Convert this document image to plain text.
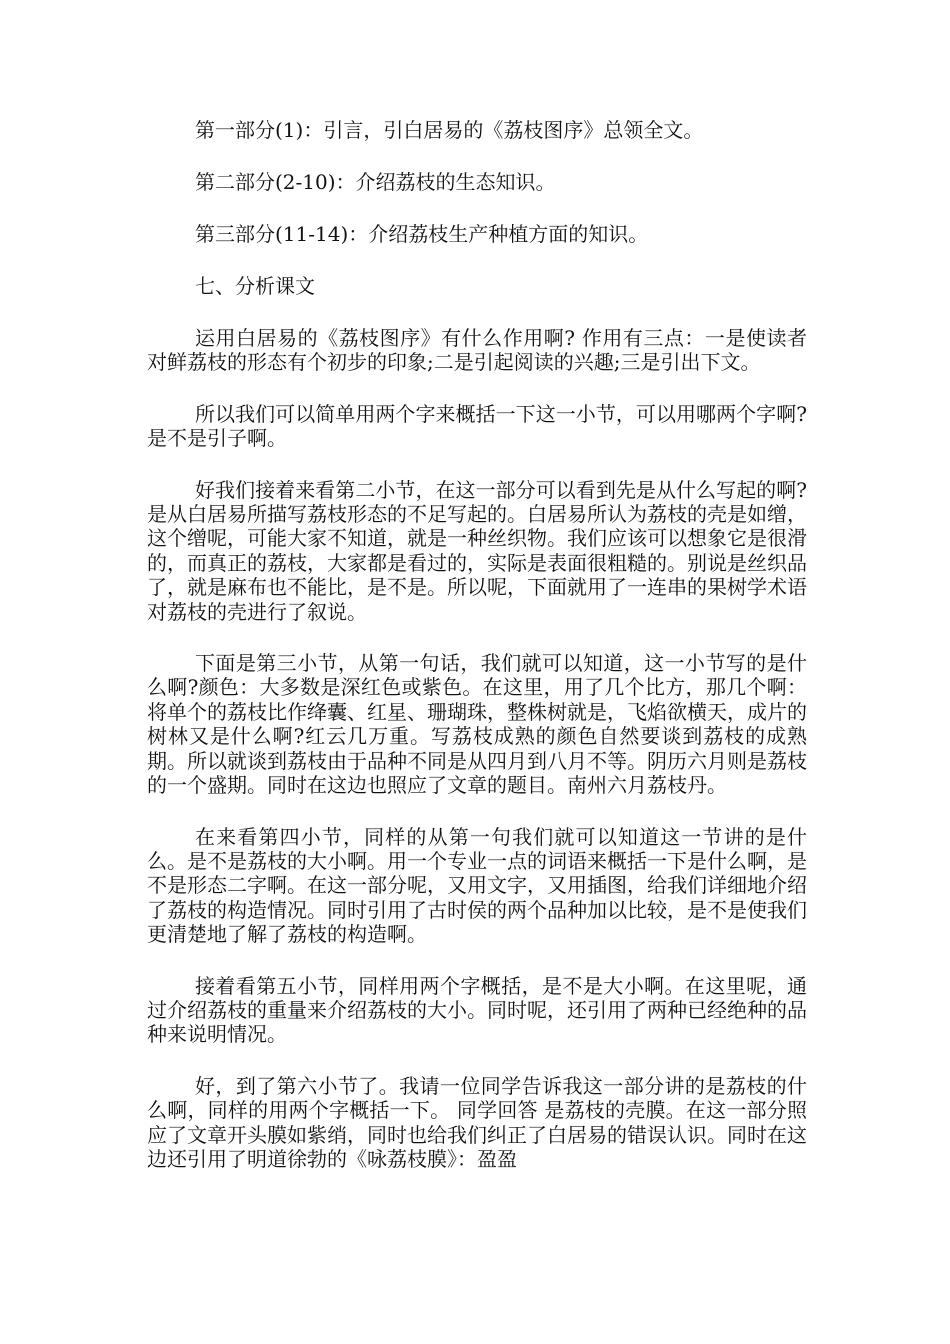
第一部分(1)：引言，引白居易的《荔枝图序》总领全文。

第二部分(2-10)：介绍荔枝的生态知识。

第三部分(11-14)：介绍荔枝生产种植方面的知识。

七、分析课文

运用白居易的《荔枝图序》有什么作用啊? 作用有三点：一是使读者对鲜荔枝的形态有个初步的印象;二是引起阅读的兴趣;三是引出下文。

所以我们可以简单用两个字来概括一下这一小节，可以用哪两个字啊?是不是引子啊。

好我们接着来看第二小节，在这一部分可以看到先是从什么写起的啊?是从白居易所描写荔枝形态的不足写起的。白居易所认为荔枝的壳是如缯，这个缯呢，可能大家不知道，就是一种丝织物。我们应该可以想象它是很滑的，而真正的荔枝，大家都是看过的，实际是表面很粗糙的。别说是丝织品了，就是麻布也不能比，是不是。所以呢，下面就用了一连串的果树学术语对荔枝的壳进行了叙说。

下面是第三小节，从第一句话，我们就可以知道，这一小节写的是什么啊?颜色：大多数是深红色或紫色。在这里，用了几个比方，那几个啊：将单个的荔枝比作绛囊、红星、珊瑚珠，整株树就是，飞焰欲横天，成片的树林又是什么啊?红云几万重。写荔枝成熟的颜色自然要谈到荔枝的成熟期。所以就谈到荔枝由于品种不同是从四月到八月不等。阴历六月则是荔枝的一个盛期。同时在这边也照应了文章的题目。南州六月荔枝丹。

在来看第四小节，同样的从第一句我们就可以知道这一节讲的是什么。是不是荔枝的大小啊。用一个专业一点的词语来概括一下是什么啊，是不是形态二字啊。在这一部分呢，又用文字，又用插图，给我们详细地介绍了荔枝的构造情况。同时引用了古时侯的两个品种加以比较，是不是使我们更清楚地了解了荔枝的构造啊。

接着看第五小节，同样用两个字概括，是不是大小啊。在这里呢，通过介绍荔枝的重量来介绍荔枝的大小。同时呢，还引用了两种已经绝种的品种来说明情况。

好，到了第六小节了。我请一位同学告诉我这一部分讲的是荔枝的什么啊，同样的用两个字概括一下。 同学回答 是荔枝的壳膜。在这一部分照应了文章开头膜如紫绡，同时也给我们纠正了白居易的错误认识。同时在这边还引用了明道徐勃的《咏荔枝膜》：盈盈
